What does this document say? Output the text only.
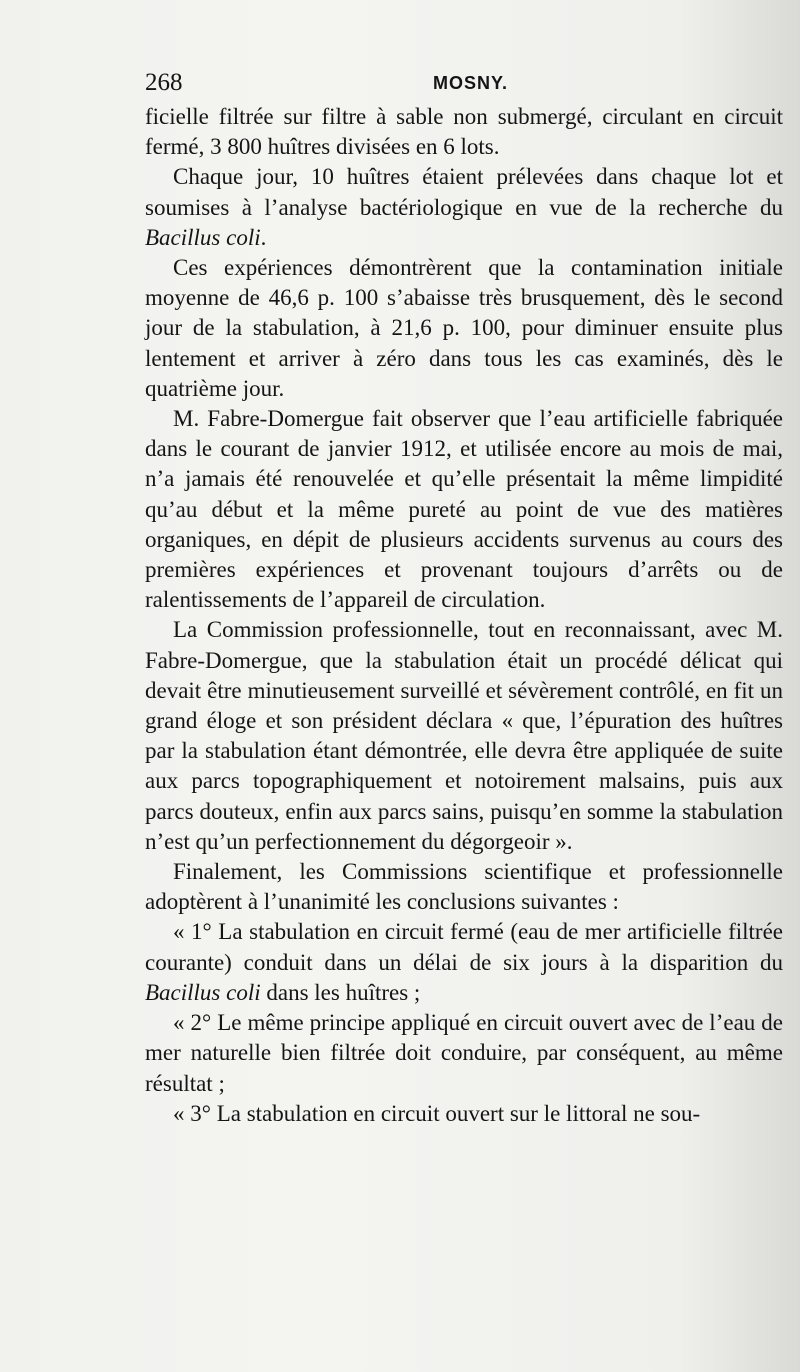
268	MOSNY.

ficielle filtrée sur filtre à sable non submergé, circulant en circuit fermé, 3 800 huîtres divisées en 6 lots.

Chaque jour, 10 huîtres étaient prélevées dans chaque lot et soumises à l’analyse bactériologique en vue de la recherche du Bacillus coli.

Ces expériences démontrèrent que la contamination initiale moyenne de 46,6 p. 100 s’abaisse très brusquement, dès le second jour de la stabulation, à 21,6 p. 100, pour diminuer ensuite plus lentement et arriver à zéro dans tous les cas examinés, dès le quatrième jour.

M. Fabre-Domergue fait observer que l’eau artificielle fabriquée dans le courant de janvier 1912, et utilisée encore au mois de mai, n’a jamais été renouvelée et qu’elle présentait la même limpidité qu’au début et la même pureté au point de vue des matières organiques, en dépit de plusieurs accidents survenus au cours des premières expériences et provenant toujours d’arrêts ou de ralentissements de l’appareil de circulation.

La Commission professionnelle, tout en reconnaissant, avec M. Fabre-Domergue, que la stabulation était un procédé délicat qui devait être minutieusement surveillé et sévèrement contrôlé, en fit un grand éloge et son président déclara « que, l’épuration des huîtres par la stabulation étant démontrée, elle devra être appliquée de suite aux parcs topographiquement et notoirement malsains, puis aux parcs douteux, enfin aux parcs sains, puisqu’en somme la stabulation n’est qu’un perfectionnement du dégorgeoir ».

Finalement, les Commissions scientifique et professionnelle adoptèrent à l’unanimité les conclusions suivantes :

« 1° La stabulation en circuit fermé (eau de mer artificielle filtrée courante) conduit dans un délai de six jours à la disparition du Bacillus coli dans les huîtres ;

« 2° Le même principe appliqué en circuit ouvert avec de l’eau de mer naturelle bien filtrée doit conduire, par conséquent, au même résultat ;

« 3° La stabulation en circuit ouvert sur le littoral ne sou-
